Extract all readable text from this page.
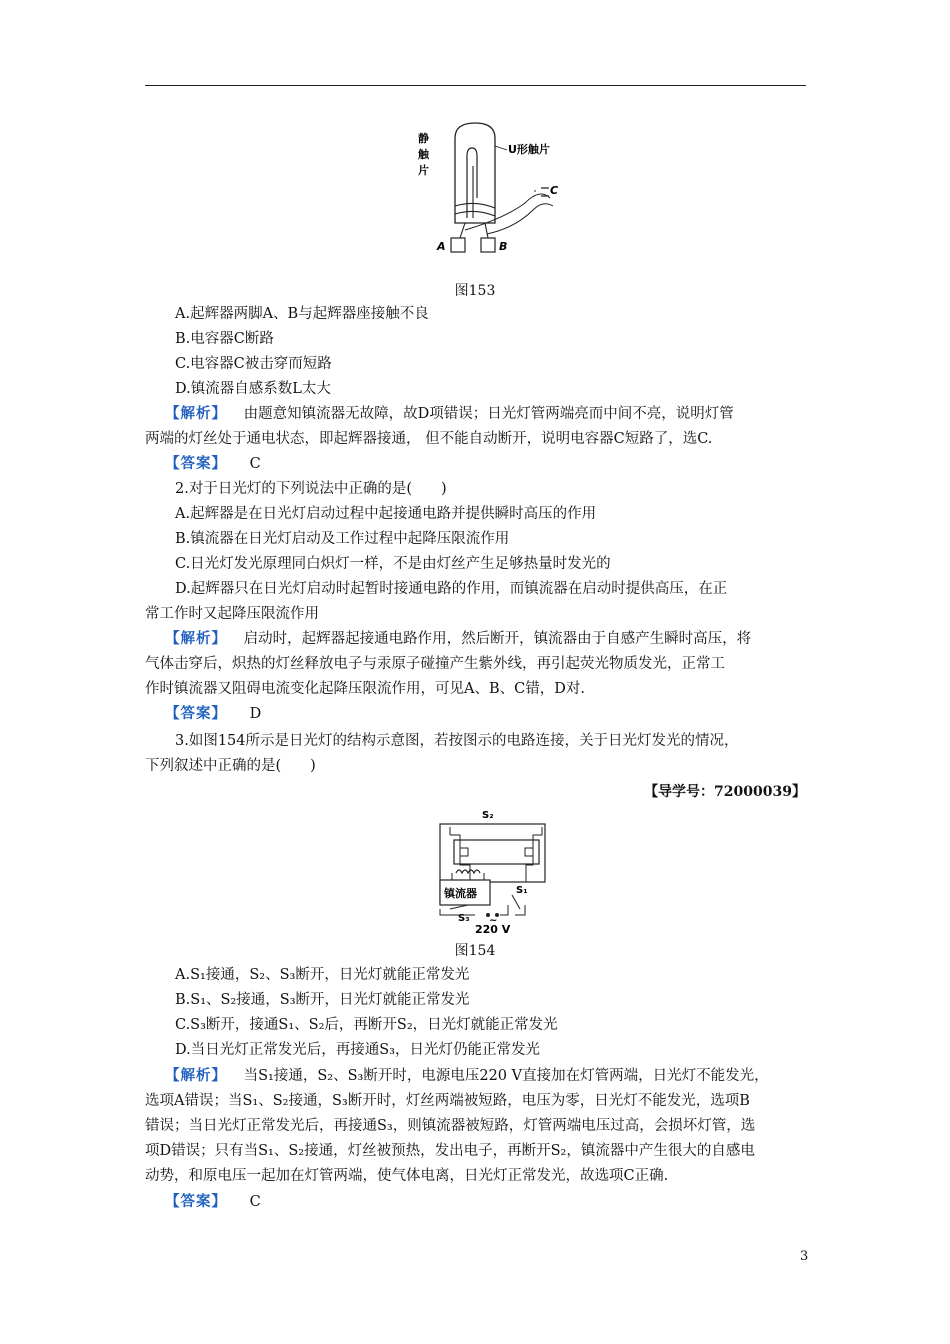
静
触
片
U形触片
A	B
C
图153
A.起辉器两脚A、B与起辉器座接触不良
B.电容器C断路
C.电容器C被击穿而短路
D.镇流器自感系数L太大
【解析】 由题意知镇流器无故障，故D项错误；日光灯管两端亮而中间不亮，说明灯管
两端的灯丝处于通电状态，即起辉器接通， 但不能自动断开，说明电容器C短路了，选C.
【答案】 C
2.对于日光灯的下列说法中正确的是(　　)
A.起辉器是在日光灯启动过程中起接通电路并提供瞬时高压的作用
B.镇流器在日光灯启动及工作过程中起降压限流作用
C.日光灯发光原理同白炽灯一样，不是由灯丝产生足够热量时发光的
D.起辉器只在日光灯启动时起暂时接通电路的作用，而镇流器在启动时提供高压，在正
常工作时又起降压限流作用
【解析】 启动时，起辉器起接通电路作用，然后断开，镇流器由于自感产生瞬时高压，将
气体击穿后，炽热的灯丝释放电子与汞原子碰撞产生紫外线，再引起荧光物质发光，正常工
作时镇流器又阻碍电流变化起降压限流作用，可见A、B、C错，D对.
【答案】 D
3.如图154所示是日光灯的结构示意图，若按图示的电路连接，关于日光灯发光的情况，
下列叙述中正确的是(　　)
【导学号：72000039】
S₂
镇流器	S₁
S₃ ~
220 V
图154
A.S₁接通，S₂、S₃断开，日光灯就能正常发光
B.S₁、S₂接通，S₃断开，日光灯就能正常发光
C.S₃断开，接通S₁、S₂后，再断开S₂，日光灯就能正常发光
D.当日光灯正常发光后，再接通S₃，日光灯仍能正常发光
【解析】 当S₁接通，S₂、S₃断开时，电源电压220 V直接加在灯管两端，日光灯不能发光，
选项A错误；当S₁、S₂接通，S₃断开时，灯丝两端被短路，电压为零，日光灯不能发光，选项B
错误；当日光灯正常发光后，再接通S₃，则镇流器被短路，灯管两端电压过高，会损坏灯管，选
项D错误；只有当S₁、S₂接通，灯丝被预热，发出电子，再断开S₂，镇流器中产生很大的自感电
动势，和原电压一起加在灯管两端，使气体电离，日光灯正常发光，故选项C正确.
【答案】 C
3
